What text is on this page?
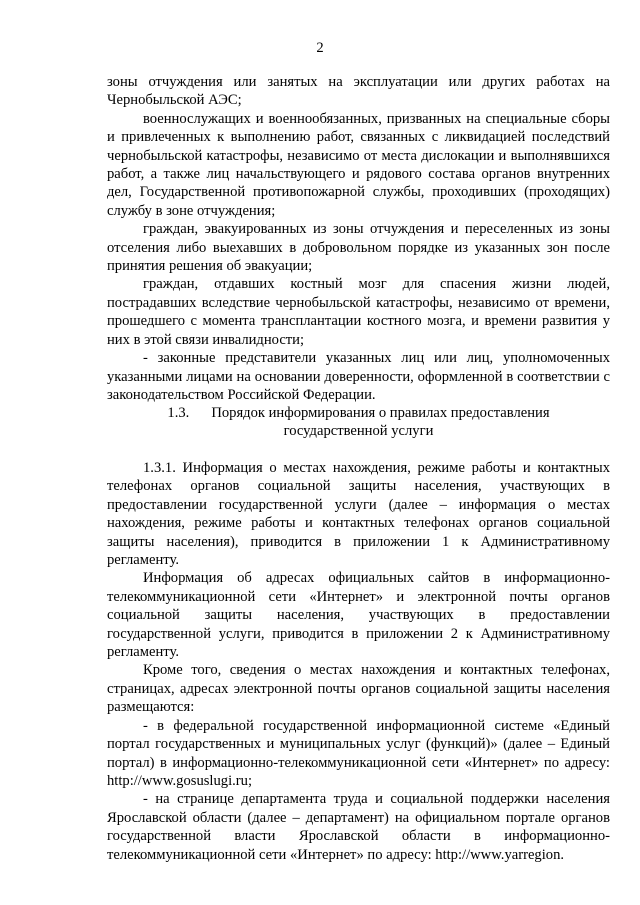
2

зоны отчуждения или занятых на эксплуатации или других работах на Чернобыльской АЭС;

военнослужащих и военнообязанных, призванных на специальные сборы и привлеченных к выполнению работ, связанных с ликвидацией последствий чернобыльской катастрофы, независимо от места дислокации и выполнявшихся работ, а также лиц начальствующего и рядового состава органов внутренних дел, Государственной противопожарной службы, проходивших (проходящих) службу в зоне отчуждения;

граждан, эвакуированных из зоны отчуждения и переселенных из зоны отселения либо выехавших в добровольном порядке из указанных зон после принятия решения об эвакуации;

граждан, отдавших костный мозг для спасения жизни людей, пострадавших вследствие чернобыльской катастрофы, независимо от времени, прошедшего с момента трансплантации костного мозга, и времени развития у них в этой связи инвалидности;

- законные представители указанных лиц или лиц, уполномоченных указанными лицами на основании доверенности, оформленной в соответствии с законодательством Российской Федерации.

1.3. Порядок информирования о правилах предоставления
государственной услуги

1.3.1. Информация о местах нахождения, режиме работы и контактных телефонах органов социальной защиты населения, участвующих в предоставлении государственной услуги (далее – информация о местах нахождения, режиме работы и контактных телефонах органов социальной защиты населения), приводится в приложении 1 к Административному регламенту.

Информация об адресах официальных сайтов в информационно-телекоммуникационной сети «Интернет» и электронной почты органов социальной защиты населения, участвующих в предоставлении государственной услуги, приводится в приложении 2 к Административному регламенту.

Кроме того, сведения о местах нахождения и контактных телефонах, страницах, адресах электронной почты органов социальной защиты населения размещаются:

- в федеральной государственной информационной системе «Единый портал государственных и муниципальных услуг (функций)» (далее – Единый портал) в информационно-телекоммуникационной сети «Интернет» по адресу: http://www.gosuslugi.ru;

- на странице департамента труда и социальной поддержки населения Ярославской области (далее – департамент) на официальном портале органов государственной власти Ярославской области в информационно-телекоммуникационной сети «Интернет» по адресу: http://www.yarregion.
